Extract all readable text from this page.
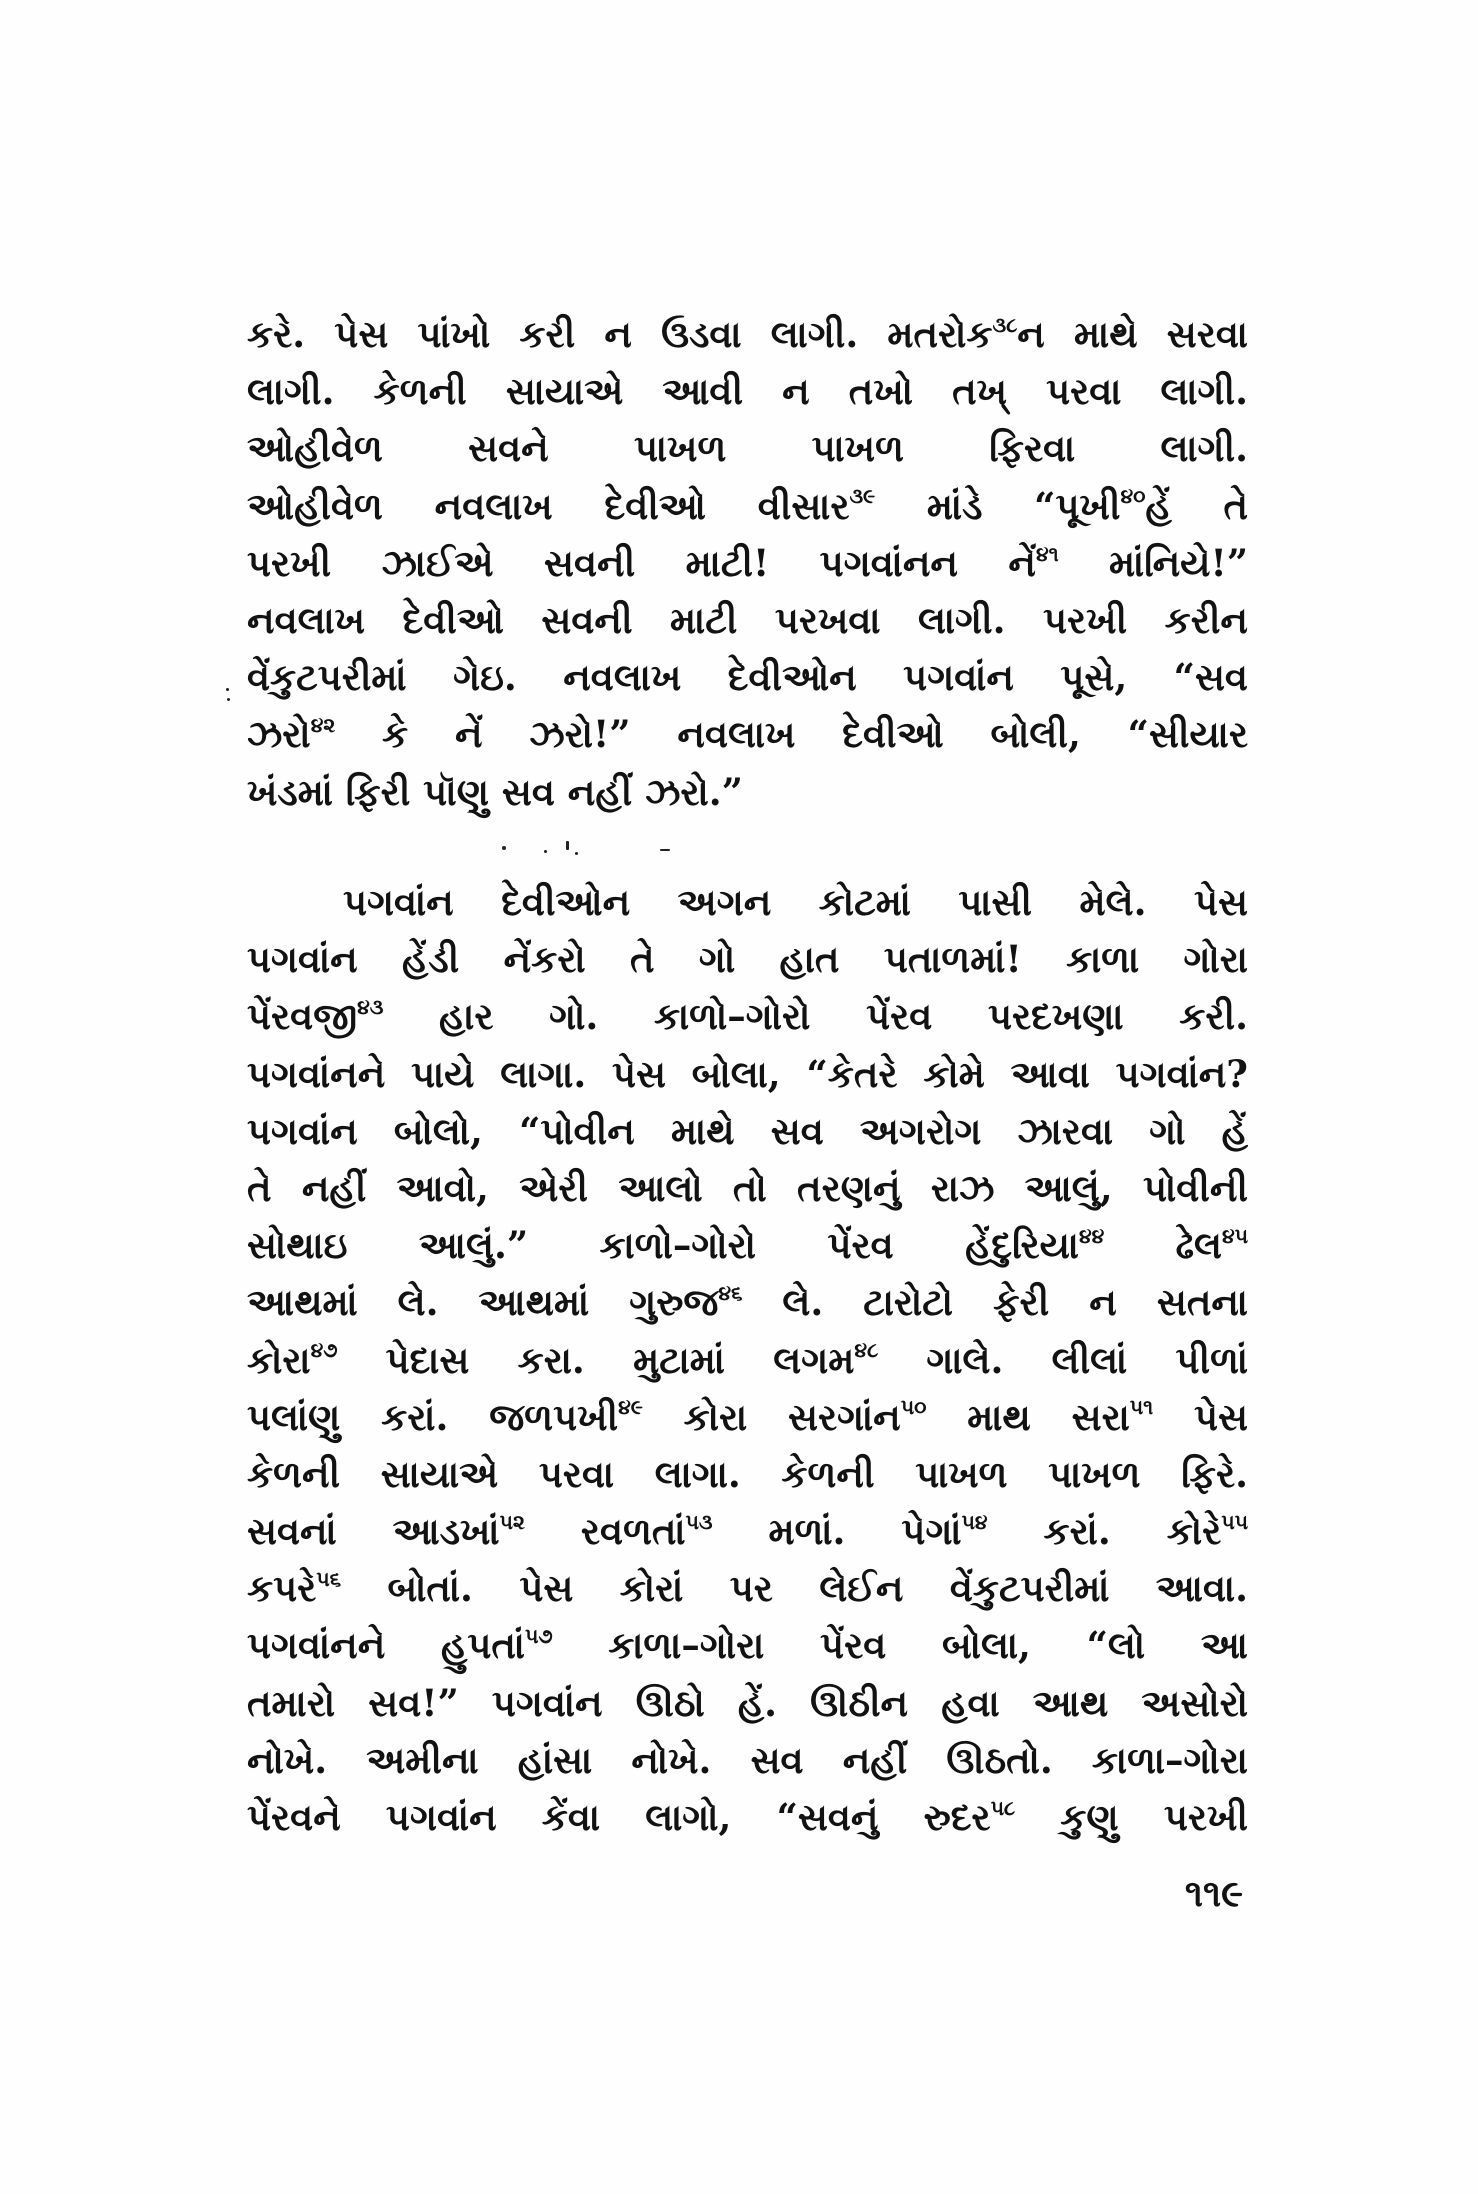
કરે. પેસ પાંખો કરી ન ઉડવા લાગી. મતરોક$^{૩૮}$ન માથે સરવા
લાગી. કેળની સાયાએ આવી ન તખો તખ્ પરવા લાગી.
ઓહીવેળ સવને પાખળ પાખળ ફિરવા લાગી.
ઓહીવેળ નવલાખ દેવીઓ વીસાર$^{૩૯}$ માંડે “પૂખી$^{૪૦}$હેં તે
પરખી ઝાઈએ સવની માટી! પગવાંનન નેં$^{૪૧}$ માંનિયે!”
નવલાખ દેવીઓ સવની માટી પરખવા લાગી. પરખી કરીન
વેંકુટપરીમાં ગેઇ. નવલાખ દેવીઓન પગવાંન પૂસે, “સવ
ઝરો$^{૪૨}$ કે નેં ઝરો!” નવલાખ દેવીઓ બોલી, “સીયાર
ખંડમાં ફિરી પૉણુ સવ નહીં ઝરો.”
પગવાંન દેવીઓન અગન કોટમાં પાસી મેલે. પેસ
પગવાંન હેંડી નેંકરો તે ગો હાત પતાળમાં! કાળા ગોરા
પેંરવજી$^{૪૩}$ હાર ગો. કાળો–ગોરો પેંરવ પરદખણા કરી.
પગવાંનને પાયે લાગા. પેસ બોલા, “કેતરે કોમે આવા પગવાંન?
પગવાંન બોલો, “પોવીન માથે સવ અગરોગ ઝારવા ગો હેં
તે નહીં આવો, એરી આલો તો તરણનું રાઝ આલું, પોવીની
સોથાઇ આલું.” કાળો–ગોરો પેંરવ હેંદુરિયા$^{૪૪}$ ઢેલ$^{૪૫}$
આથમાં લે. આથમાં ગુરુજ$^{૪૬}$ લે. ટારોટો ફેરી ન સતના
કોરા$^{૪૭}$ પેદાસ કરા. મુટામાં લગમ$^{૪૮}$ ગાલે. લીલાં પીળાં
પલાંણુ કરાં. જળપખી$^{૪૯}$ કોરા સરગાંન$^{૫૦}$ માથ સરા$^{૫૧}$ પેસ
કેળની સાયાએ પરવા લાગા. કેળની પાખળ પાખળ ફિરે.
સવનાં આડખાં$^{૫૨}$ રવળતાં$^{૫૩}$ મળાં. પેગાં$^{૫૪}$ કરાં. કોરે$^{૫૫}$
કપરે$^{૫૬}$ બોતાં. પેસ કોરાં પર લેઈન વેંકુટપરીમાં આવા.
પગવાંનને હુપતાં$^{૫૭}$ કાળા–ગોરા પેંરવ બોલા, “લો આ
તમારો સવ!” પગવાંન ઊઠો હેં. ઊઠીન હવા આથ અસોરો
નોખે. અમીના હાંસા નોખે. સવ નહીં ઊઠતો. કાળા–ગોરા
પેંરવને પગવાંન કેંવા લાગો, “સવનું રુદર$^{૫૮}$ કુણુ પરખી
૧૧૯
